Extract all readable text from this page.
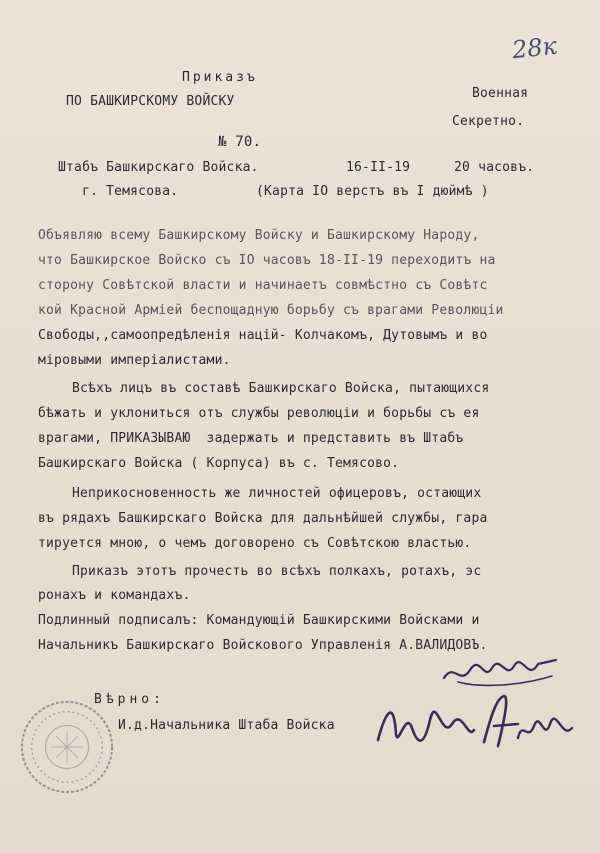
28к
Приказъ
ПО БАШКИРСКОМУ ВОЙСКУ
Военная
Секретно.
№ 70.
Штабъ Башкирскаго Войска.	16-II-19	20 часовъ.
г. Темясова.	(Карта IO верстъ въ I дюймѣ )
Объявляю всему Башкирскому Войску и Башкирскому Народу,
что Башкирское Войско съ IO часовъ 18-II-19 переходитъ на
сторону Совѣтской власти и начинаетъ совмѣстно съ Совѣтс
кой Красной Арміей беспощадную борьбу съ врагами Революціи
Свободы,,самоопредѣленія націй- Колчакомъ, Дутовымъ и во
міровыми имперіалистами.
Всѣхъ лицъ въ составѣ Башкирскаго Войска, пытающихся
бѣжать и уклониться отъ службы революціи и борьбы съ ея
врагами, ПРИКАЗЫВАЮ  задержать и представить въ Штабъ
Башкирскаго Войска ( Корпуса) въ с. Темясово.
Неприкосновенность же личностей офицеровъ, остающих
въ рядахъ Башкирскаго Войска для дальнѣйшей службы, гара
тируется мною, о чемъ договорено съ Совѣтскою властью.
Приказъ этотъ прочесть во всѣхъ полкахъ, ротахъ, эс
ронахъ и командахъ.
Подлинный подписалъ: Командующій Башкирскими Войсками и
Начальникъ Башкирскаго Войскового Управленія А.ВАЛИДОВЪ.
Вѣрно:
И.д.Начальника Штаба Войска
